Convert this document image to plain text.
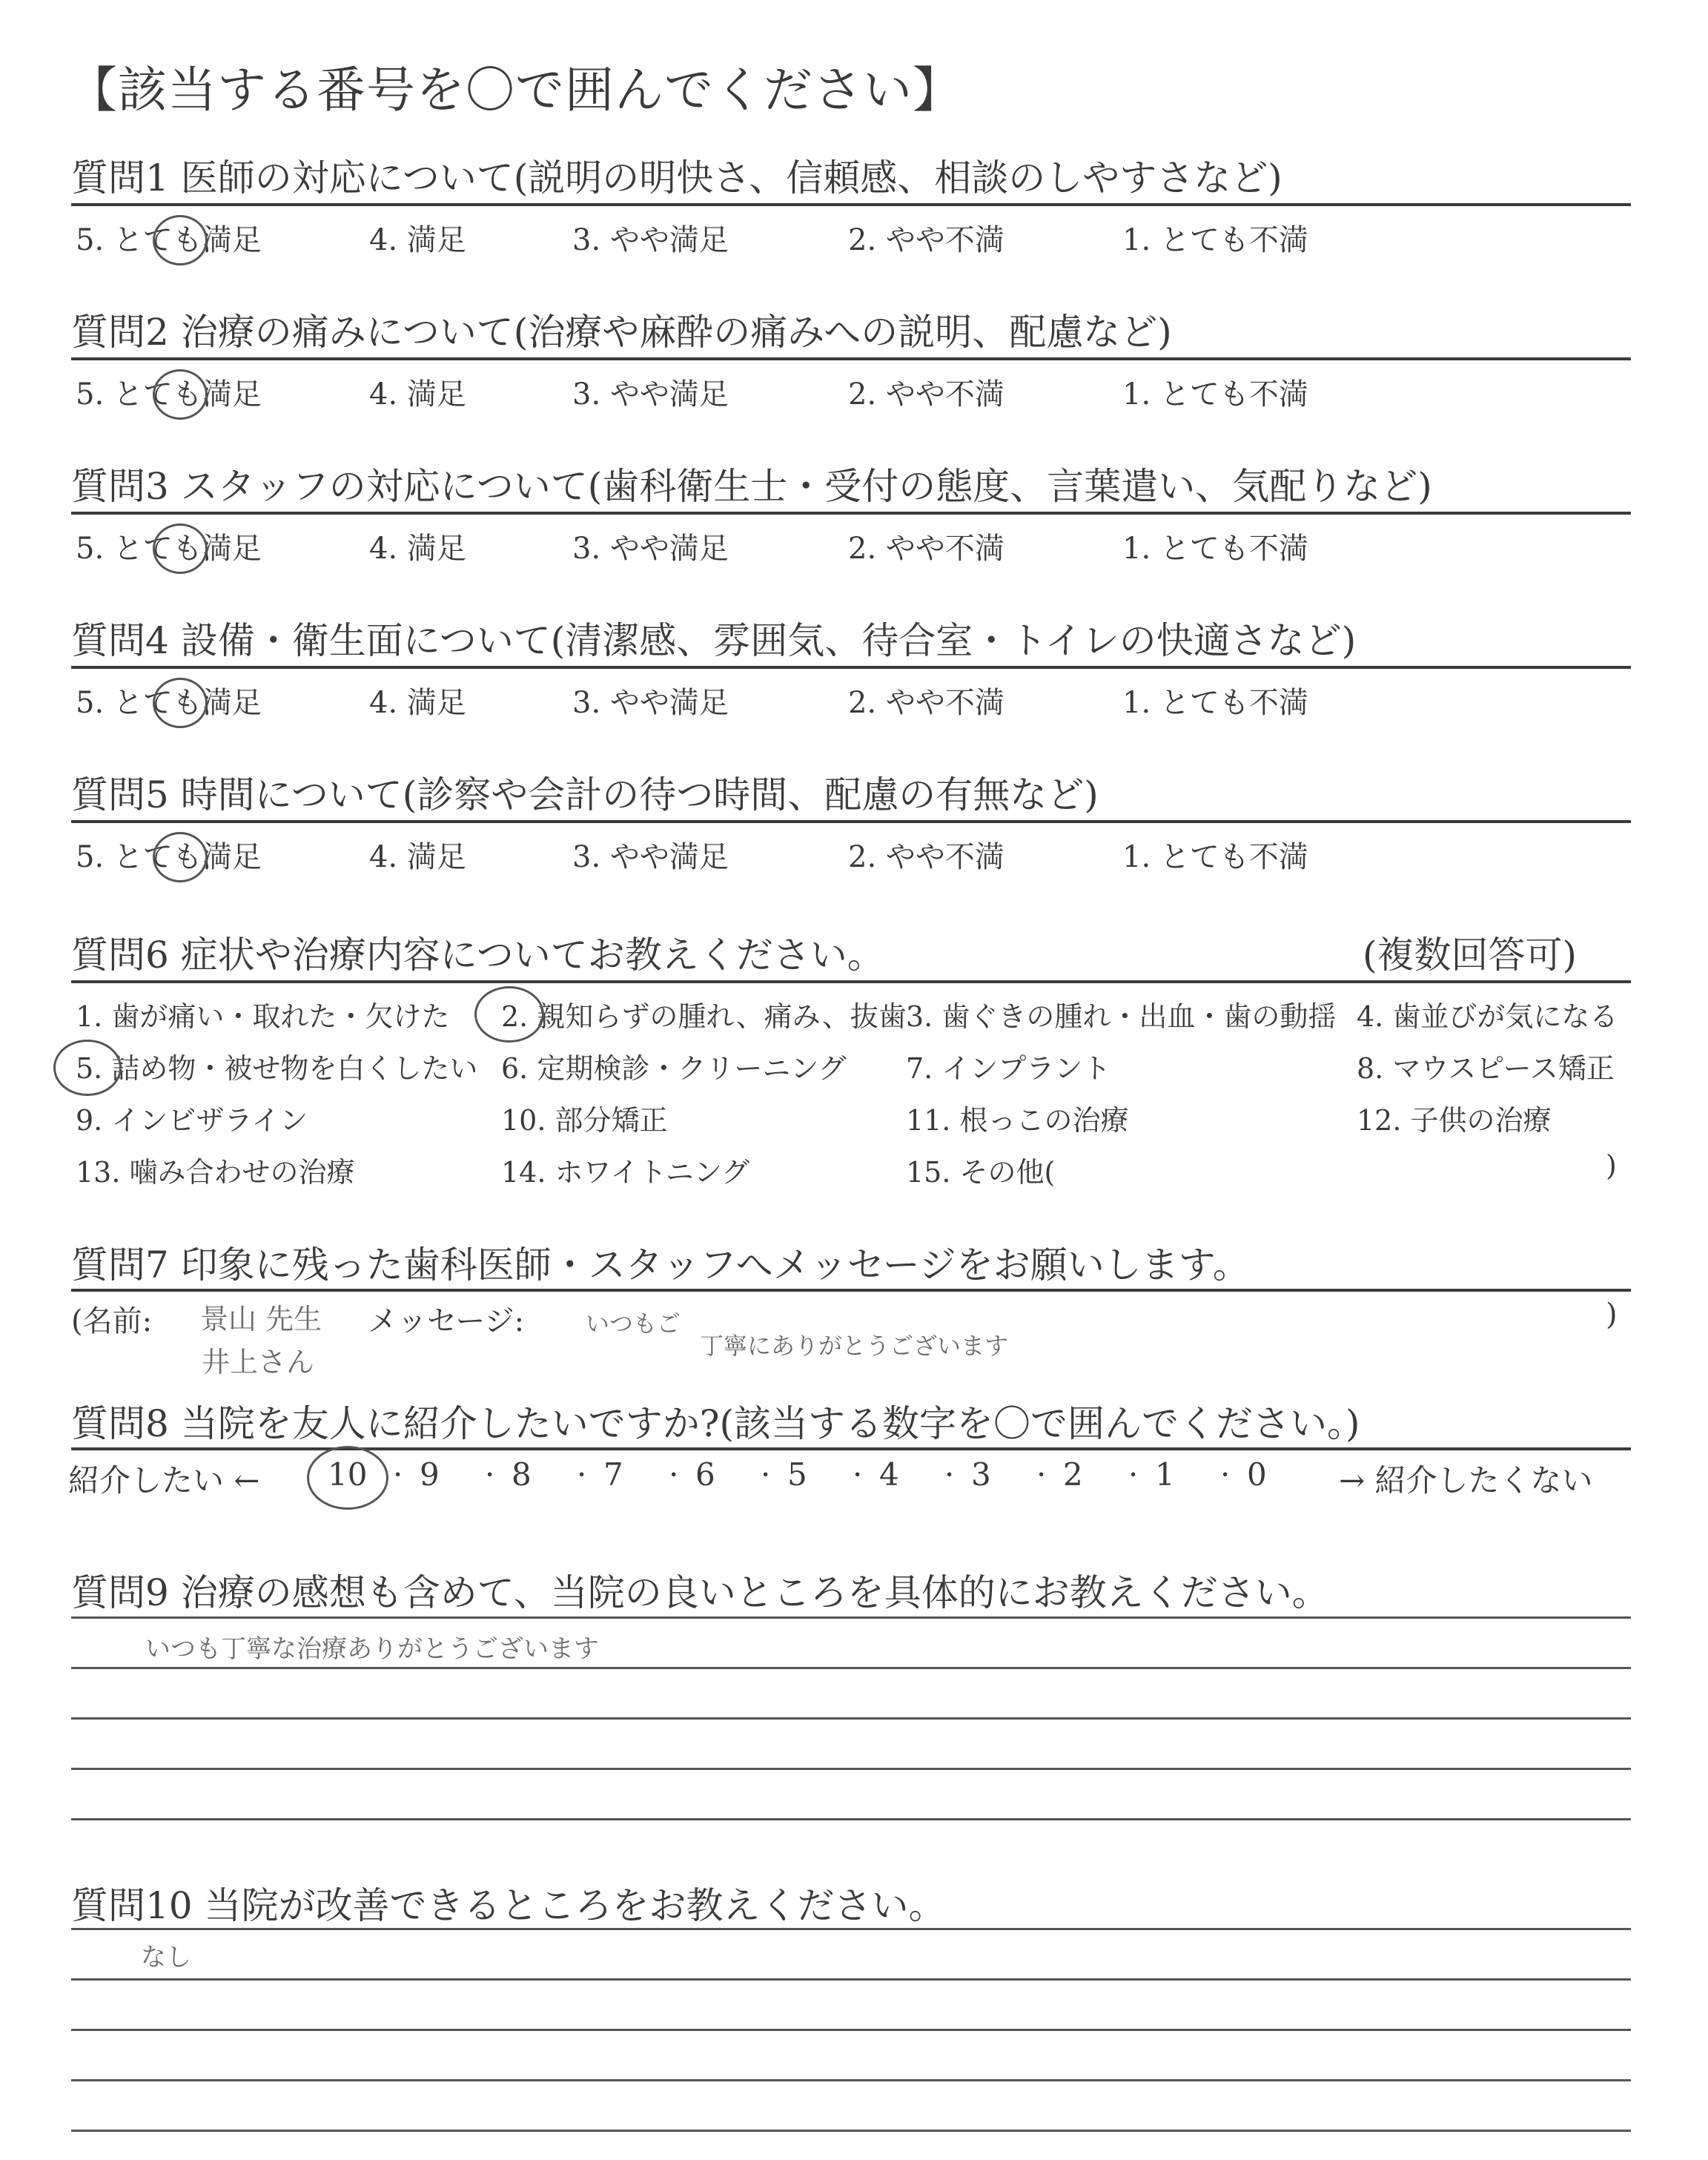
【該当する番号を〇で囲んでください】
質問1 医師の対応について(説明の明快さ、信頼感、相談のしやすさなど)
5. とても満足	4. 満足	3. やや満足	2. やや不満	1. とても不満
質問2 治療の痛みについて(治療や麻酔の痛みへの説明、配慮など)
5. とても満足	4. 満足	3. やや満足	2. やや不満	1. とても不満
質問3 スタッフの対応について(歯科衛生士・受付の態度、言葉遣い、気配りなど)
5. とても満足	4. 満足	3. やや満足	2. やや不満	1. とても不満
質問4 設備・衛生面について(清潔感、雰囲気、待合室・トイレの快適さなど)
5. とても満足	4. 満足	3. やや満足	2. やや不満	1. とても不満
質問5 時間について(診察や会計の待つ時間、配慮の有無など)
5. とても満足	4. 満足	3. やや満足	2. やや不満	1. とても不満
質問6 症状や治療内容についてお教えください。	(複数回答可)
1. 歯が痛い・取れた・欠けた 2. 親知らずの腫れ、痛み、抜歯 3. 歯ぐきの腫れ・出血・歯の動揺 4. 歯並びが気になる
5. 詰め物・被せ物を白くしたい 6. 定期検診・クリーニング 7. インプラント	8. マウスピース矯正
9. インビザライン	10. 部分矯正	11. 根っこの治療	12. 子供の治療
13. 噛み合わせの治療	14. ホワイトニング	15. その他(	)
質問7 印象に残った歯科医師・スタッフへメッセージをお願いします。
(名前: 景山 先生
井上さん
メッセージ:	いつもご
丁寧にありがとうございます
)
質問8 当院を友人に紹介したいですか?(該当する数字を〇で囲んでください。)
紹介したい ← 10 · 9 · 8 · 7 · 6 · 5 · 4 · 3 · 2 · 1 · 0 → 紹介したくない
質問9 治療の感想も含めて、当院の良いところを具体的にお教えください。
いつも丁寧な治療ありがとうございます
質問10 当院が改善できるところをお教えください。
なし
